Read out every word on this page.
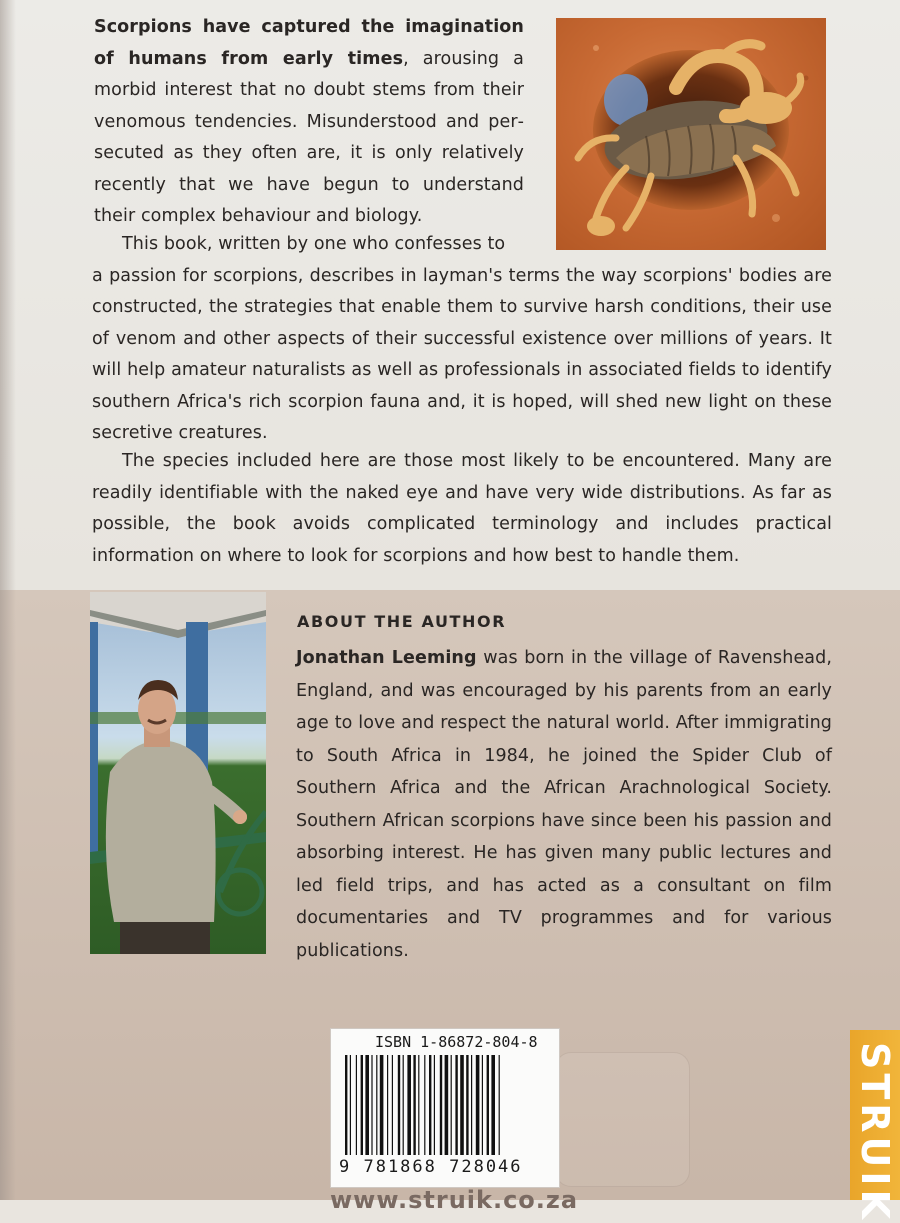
Scorpions have captured the imagination of humans from early times, arousing a morbid interest that no doubt stems from their venomous tendencies. Misunderstood and persecuted as they often are, it is only relatively recently that we have begun to understand their complex behaviour and biology.

This book, written by one who confesses to
a passion for scorpions, describes in layman's terms the way scorpions' bodies are constructed, the strategies that enable them to survive harsh conditions, their use of venom and other aspects of their successful existence over millions of years. It will help amateur naturalists as well as professionals in associated fields to identify southern Africa's rich scorpion fauna and, it is hoped, will shed new light on these secretive creatures.

The species included here are those most likely to be encountered. Many are readily identifiable with the naked eye and have very wide distributions. As far as possible, the book avoids complicated terminology and includes practical information on where to look for scorpions and how best to handle them.

ABOUT THE AUTHOR

Jonathan Leeming was born in the village of Ravenshead, England, and was encouraged by his parents from an early age to love and respect the natural world. After immigrating to South Africa in 1984, he joined the Spider Club of Southern Africa and the African Arachnological Society. Southern African scorpions have since been his passion and absorbing interest. He has given many public lectures and led field trips, and has acted as a consultant on film documentaries and TV programmes and for various publications.

ISBN 1-86872-804-8

9 781868 728046	STRUIK

www.struik.co.za
